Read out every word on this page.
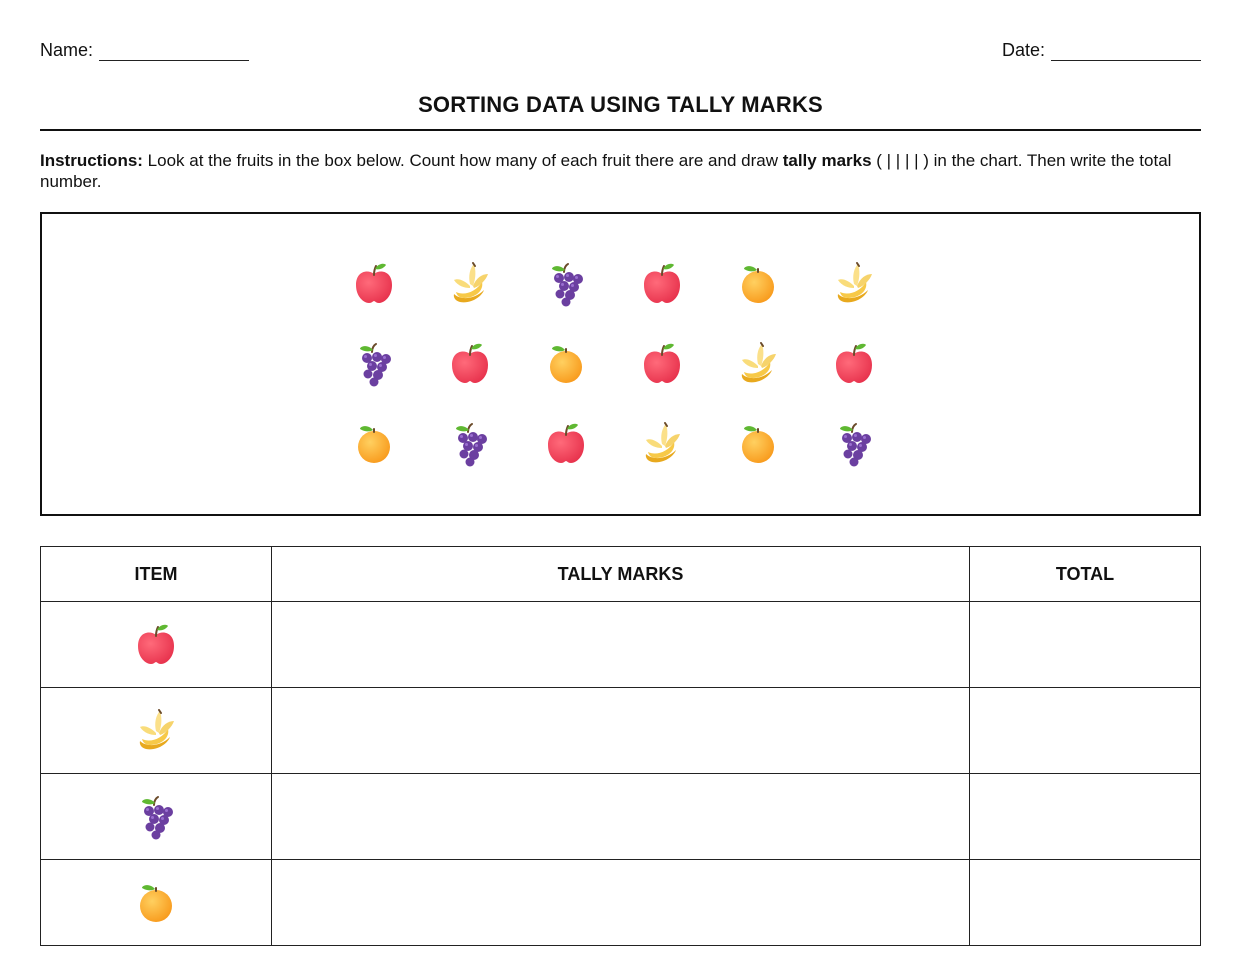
Name:	Date:
SORTING DATA USING TALLY MARKS
Instructions: Look at the fruits in the box below. Count how many of each fruit there are and draw tally marks ( | | | | ) in the chart. Then write the total number.
ITEM	TALLY MARKS	TOTAL
